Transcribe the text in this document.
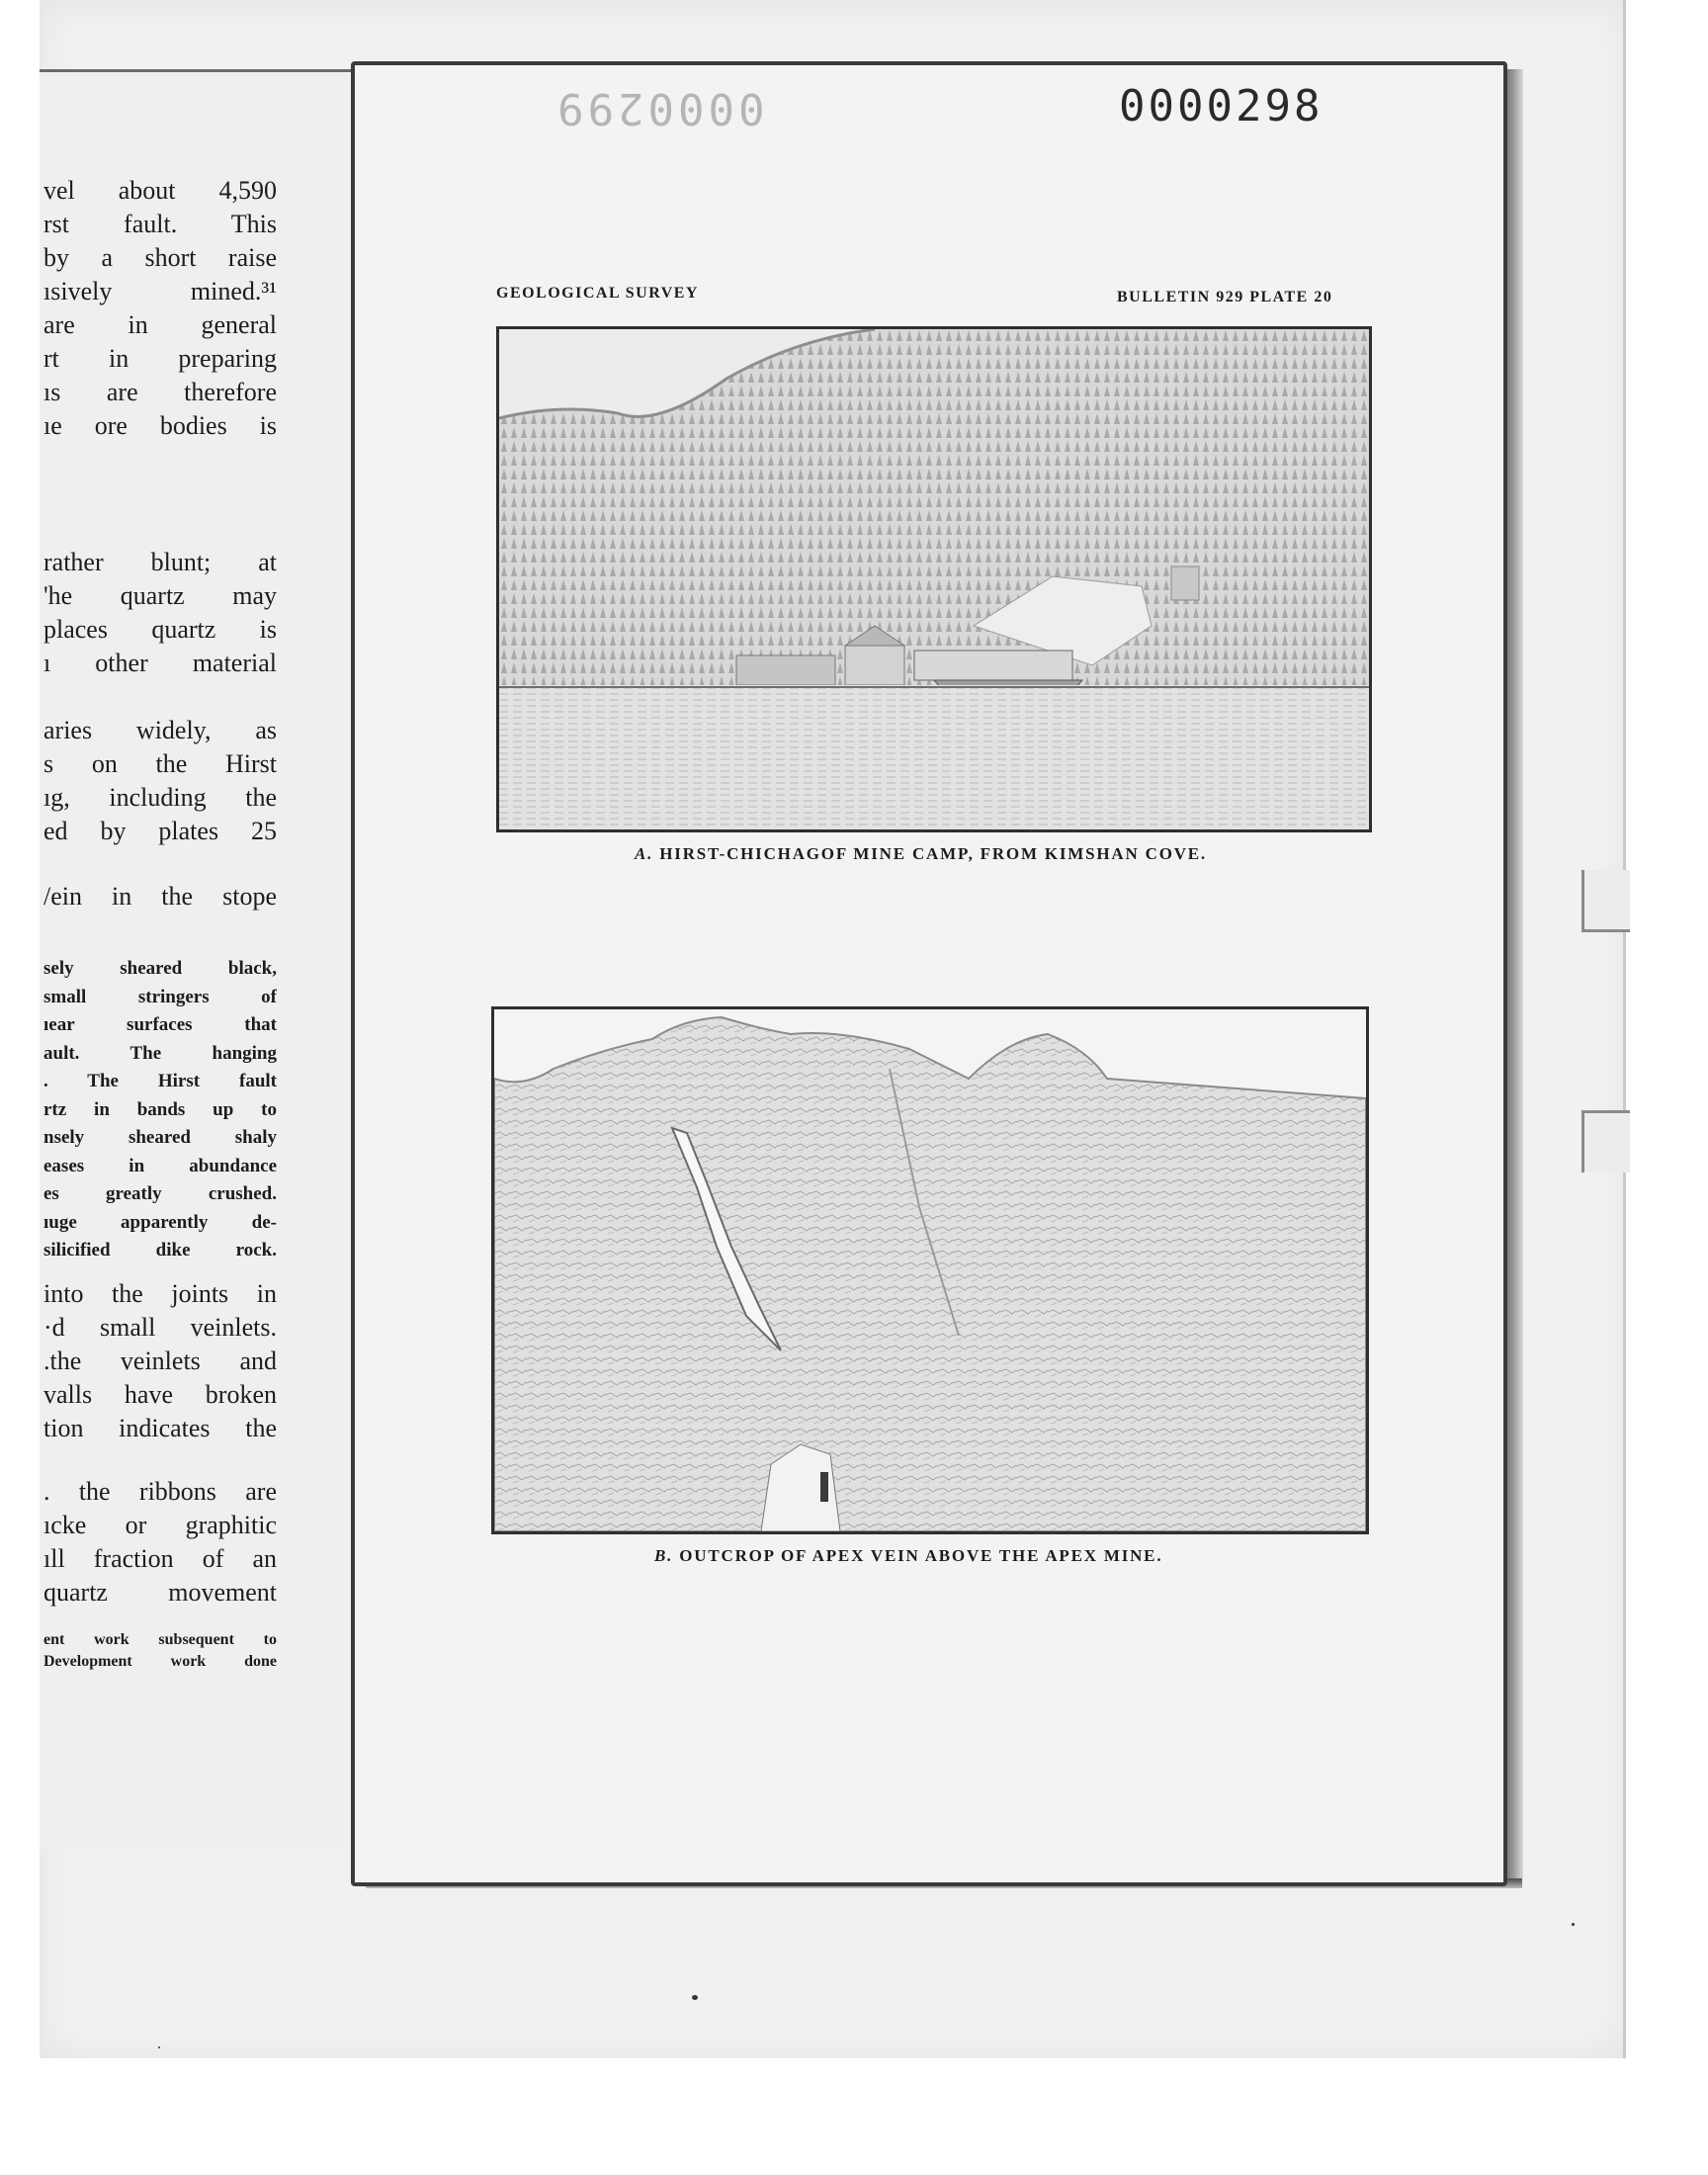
vel about 4,590
rst fault. This
by a short raise
ısively mined.³¹
are in general
rt in preparing
ıs are therefore
ıe ore bodies is
rather blunt; at
'he quartz may
places quartz is
ı other material
aries widely, as
s on the Hirst
ıg, including the
ed by plates 25
/ein in the stope
sely sheared black,
small stringers of
ıear surfaces that
ault. The hanging
. The Hirst fault
rtz in bands up to
nsely sheared shaly
eases in abundance
es greatly crushed.
ıuge apparently de-
silicified dike rock.
into the joints in
·d small veinlets.
.the veinlets and
valls have broken
tion indicates the
. the ribbons are
ıcke or graphitic
ıll fraction of an
quartz movement
ent work subsequent to
Development work done
0000299	0000298
GEOLOGICAL SURVEY	BULLETIN 929 PLATE 20
A. HIRST-CHICHAGOF MINE CAMP, FROM KIMSHAN COVE.
B. OUTCROP OF APEX VEIN ABOVE THE APEX MINE.
